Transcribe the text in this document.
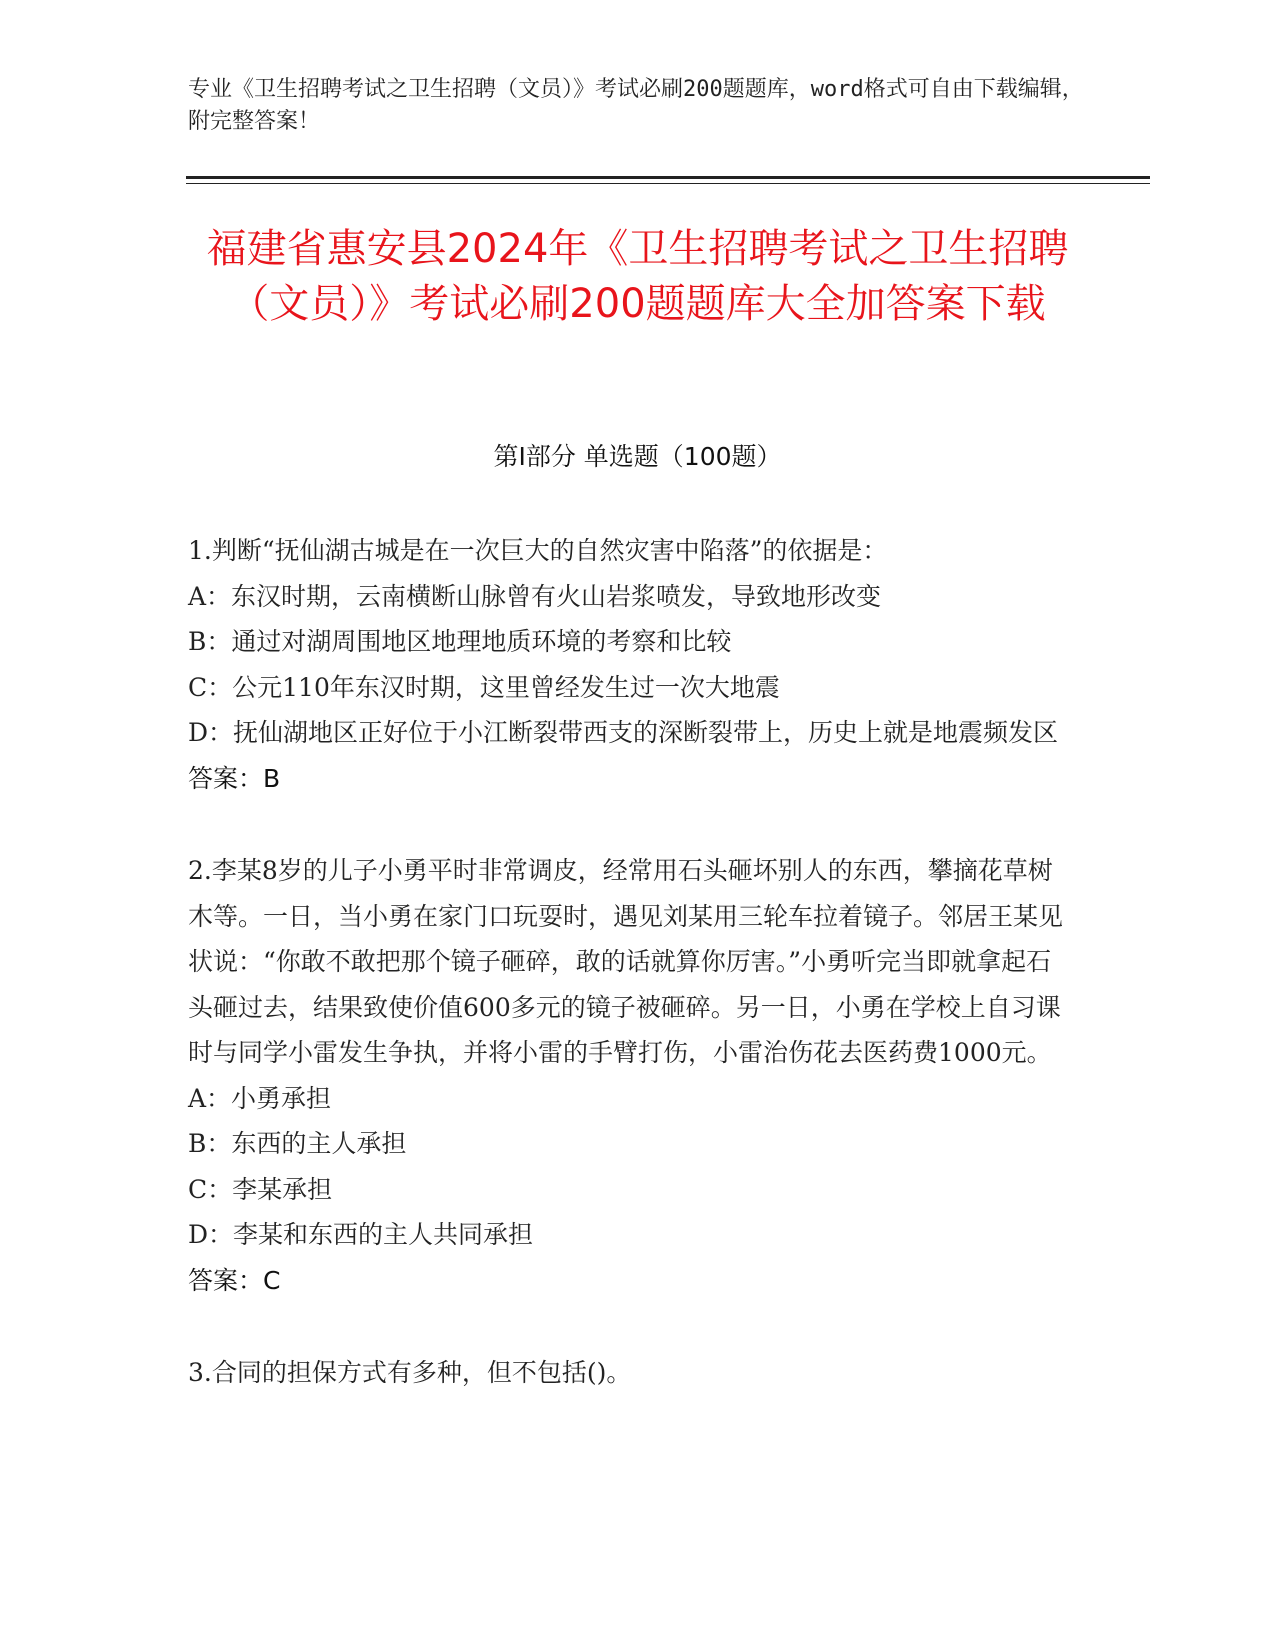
专业《卫生招聘考试之卫生招聘（文员）》考试必刷200题题库，word格式可自由下载编辑，附完整答案！
福建省惠安县2024年《卫生招聘考试之卫生招聘（文员）》考试必刷200题题库大全加答案下载
第Ⅰ部分 单选题（100题）

1.判断“抚仙湖古城是在一次巨大的自然灾害中陷落”的依据是：

A：东汉时期，云南横断山脉曾有火山岩浆喷发，导致地形改变

B：通过对湖周围地区地理地质环境的考察和比较

C：公元110年东汉时期，这里曾经发生过一次大地震

D：抚仙湖地区正好位于小江断裂带西支的深断裂带上，历史上就是地震频发区

答案：B

2.李某8岁的儿子小勇平时非常调皮，经常用石头砸坏别人的东西，攀摘花草树木等。一日，当小勇在家门口玩耍时，遇见刘某用三轮车拉着镜子。邻居王某见状说：“你敢不敢把那个镜子砸碎，敢的话就算你厉害。”小勇听完当即就拿起石头砸过去，结果致使价值600多元的镜子被砸碎。另一日，小勇在学校上自习课时与同学小雷发生争执，并将小雷的手臂打伤，小雷治伤花去医药费1000元。

A：小勇承担

B：东西的主人承担

C：李某承担

D：李某和东西的主人共同承担

答案：C

3.合同的担保方式有多种，但不包括()。
